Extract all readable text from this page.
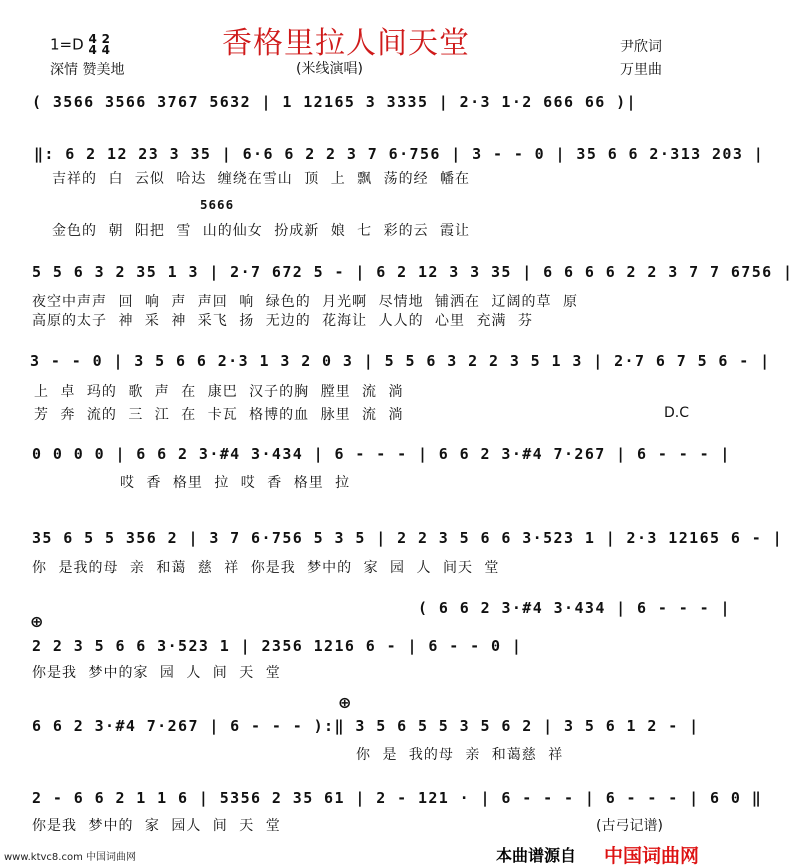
1=D 4
4 2
4	香格里拉人间天堂	尹欣词
深情 赞美地	(米线演唱)	万里曲
( 3566 3566 3767 5632 | 1 12165 3 3335 | 2·3 1·2 666 66 )|
‖: 6 2 12 23 3 35 | 6·6 6 2 2 3 7 6·756 | 3 - - 0 | 35 6 6 2·313 203 |
吉祥的 白 云似 哈达 缠绕在雪山 顶 上 飘 荡的经 幡在
5666
金色的 朝 阳把 雪 山的仙女 扮成新 娘 七 彩的云 霞让
5 5 6 3 2 35 1 3 | 2·7 672 5 - | 6 2 12 3 3 35 | 6 6 6 6 2 2 3 7 7 6756 |
夜空中声声 回 响 声 声回 响 绿色的 月光啊 尽情地 铺洒在 辽阔的草 原
高原的太子 神 采 神 采飞 扬 无边的 花海让 人人的 心里 充满 芬
3 - - 0 | 3 5 6 6 2·3 1 3 2 0 3 | 5 5 6 3 2 2 3 5 1 3 | 2·7 6 7 5 6 - |
上 卓 玛的 歌 声 在 康巴 汉子的胸 膛里 流 淌
芳 奔 流的 三 江 在 卡瓦 格博的血 脉里 流 淌	D.C
0 0 0 0 | 6 6 2 3·#4 3·434 | 6 - - - | 6 6 2 3·#4 7·267 | 6 - - - |
哎 香 格里 拉 哎 香 格里 拉
35 6 5 5 356 2 | 3 7 6·756 5 3 5 | 2 2 3 5 6 6 3·523 1 | 2·3 12165 6 - |
你 是我的母 亲 和蔼 慈 祥 你是我 梦中的 家 园 人 间天 堂
( 6 6 2 3·#4 3·434 | 6 - - - |
⊕
2 2 3 5 6 6 3·523 1 | 2356 1216 6 - | 6 - - 0 |
你是我 梦中的家 园 人 间 天 堂
⊕
6 6 2 3·#4 7·267 | 6 - - - ):‖ 3 5 6 5 5 3 5 6 2 | 3 5 6 1 2 - |
你 是 我的母 亲 和蔼慈 祥
2 - 6 6 2 1 1 6 | 5356 2 35 61 | 2 - 121 · | 6 - - - | 6 - - - | 6 0 ‖
你是我 梦中的 家 园人 间 天 堂	(古弓记谱)
www.ktvc8.com 中国词曲网	本曲谱源自 中国词曲网
